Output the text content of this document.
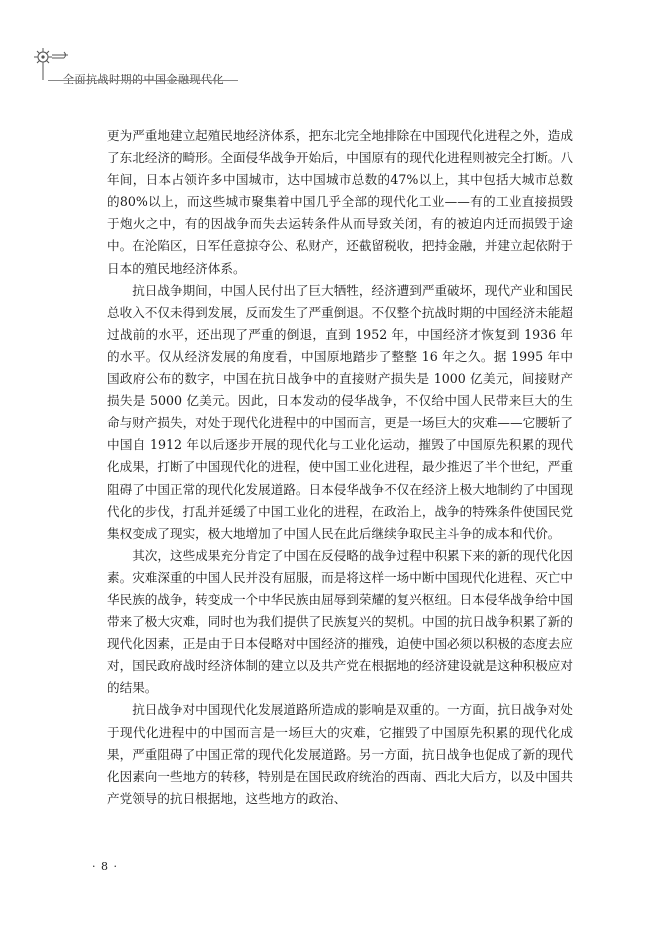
全面抗战时期的中国金融现代化

更为严重地建立起殖民地经济体系，把东北完全地排除在中国现代化进程之外，造成了东北经济的畸形。全面侵华战争开始后，中国原有的现代化进程则被完全打断。八年间，日本占领许多中国城市，达中国城市总数的47%以上，其中包括大城市总数的80%以上，而这些城市聚集着中国几乎全部的现代化工业——有的工业直接损毁于炮火之中，有的因战争而失去运转条件从而导致关闭，有的被迫内迁而损毁于途中。在沦陷区，日军任意掠夺公、私财产，还截留税收，把持金融，并建立起依附于日本的殖民地经济体系。

抗日战争期间，中国人民付出了巨大牺牲，经济遭到严重破坏，现代产业和国民总收入不仅未得到发展，反而发生了严重倒退。不仅整个抗战时期的中国经济未能超过战前的水平，还出现了严重的倒退，直到 1952 年，中国经济才恢复到 1936 年的水平。仅从经济发展的角度看，中国原地踏步了整整 16 年之久。据 1995 年中国政府公布的数字，中国在抗日战争中的直接财产损失是 1000 亿美元，间接财产损失是 5000 亿美元。因此，日本发动的侵华战争，不仅给中国人民带来巨大的生命与财产损失，对处于现代化进程中的中国而言，更是一场巨大的灾难——它腰斩了中国自 1912 年以后逐步开展的现代化与工业化运动，摧毁了中国原先积累的现代化成果，打断了中国现代化的进程，使中国工业化进程，最少推迟了半个世纪，严重阻碍了中国正常的现代化发展道路。日本侵华战争不仅在经济上极大地制约了中国现代化的步伐，打乱并延缓了中国工业化的进程，在政治上，战争的特殊条件使国民党集权变成了现实，极大地增加了中国人民在此后继续争取民主斗争的成本和代价。

其次，这些成果充分肯定了中国在反侵略的战争过程中积累下来的新的现代化因素。灾难深重的中国人民并没有屈服，而是将这样一场中断中国现代化进程、灭亡中华民族的战争，转变成一个中华民族由屈辱到荣耀的复兴枢纽。日本侵华战争给中国带来了极大灾难，同时也为我们提供了民族复兴的契机。中国的抗日战争积累了新的现代化因素，正是由于日本侵略对中国经济的摧残，迫使中国必须以积极的态度去应对，国民政府战时经济体制的建立以及共产党在根据地的经济建设就是这种积极应对的结果。

抗日战争对中国现代化发展道路所造成的影响是双重的。一方面，抗日战争对处于现代化进程中的中国而言是一场巨大的灾难，它摧毁了中国原先积累的现代化成果，严重阻碍了中国正常的现代化发展道路。另一方面，抗日战争也促成了新的现代化因素向一些地方的转移，特别是在国民政府统治的西南、西北大后方，以及中国共产党领导的抗日根据地，这些地方的政治、

· 8 ·
